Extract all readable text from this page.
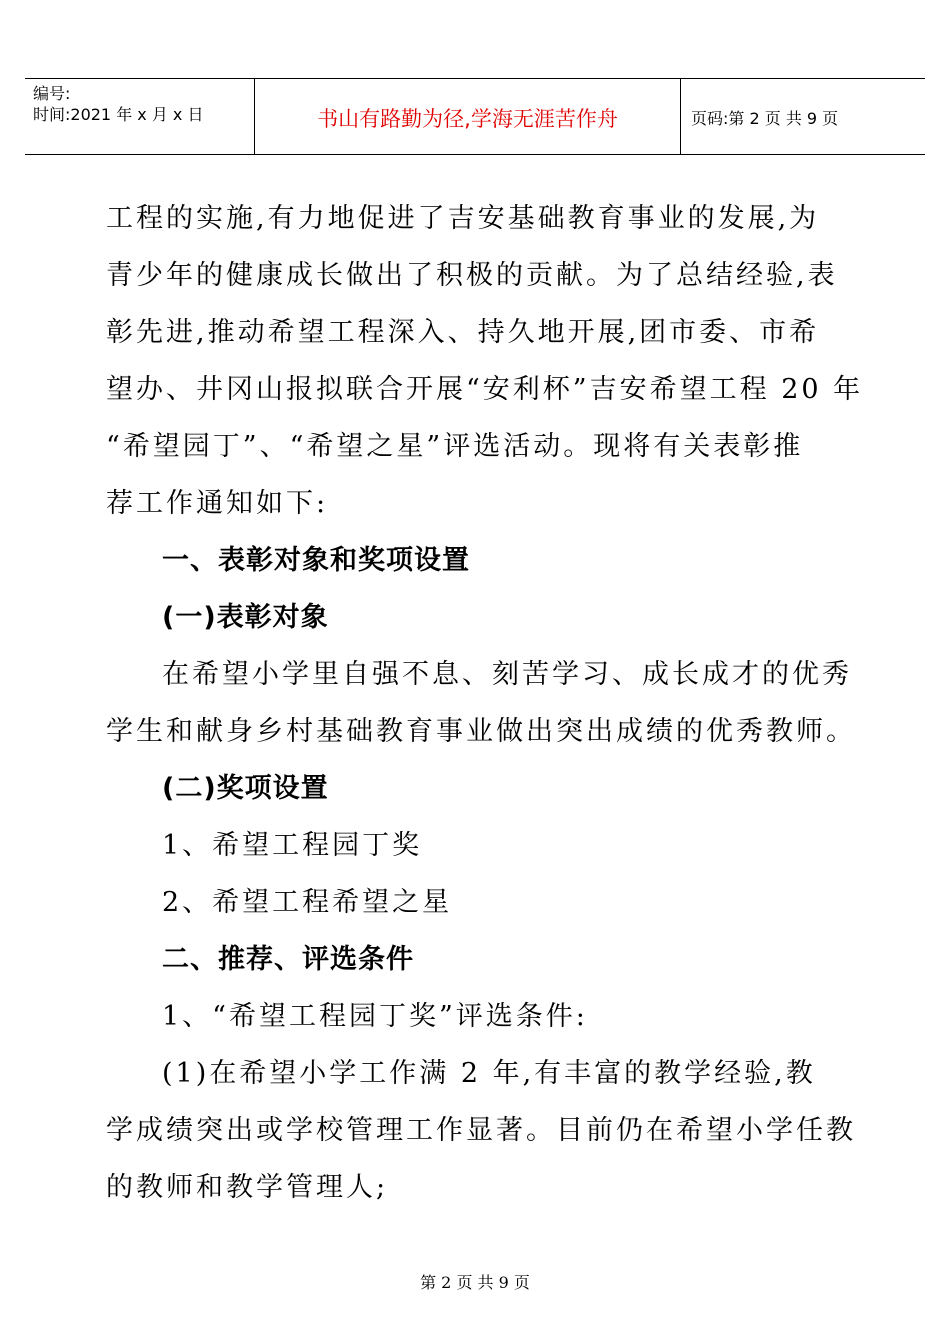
编号:
时间:2021 年 x 月 x 日	书山有路勤为径,学海无涯苦作舟	页码:第 2 页 共 9 页
工程的实施,有力地促进了吉安基础教育事业的发展,为
青少年的健康成长做出了积极的贡献。为了总结经验,表
彰先进,推动希望工程深入、持久地开展,团市委、市希
望办、井冈山报拟联合开展“安利杯”吉安希望工程 20 年
“希望园丁”、“希望之星”评选活动。现将有关表彰推
荐工作通知如下:
一、表彰对象和奖项设置
(一)表彰对象
在希望小学里自强不息、刻苦学习、成长成才的优秀
学生和献身乡村基础教育事业做出突出成绩的优秀教师。
(二)奖项设置
1、希望工程园丁奖
2、希望工程希望之星
二、推荐、评选条件
1、“希望工程园丁奖”评选条件:
(1)在希望小学工作满 2 年,有丰富的教学经验,教
学成绩突出或学校管理工作显著。目前仍在希望小学任教
的教师和教学管理人;
第 2 页 共 9 页
